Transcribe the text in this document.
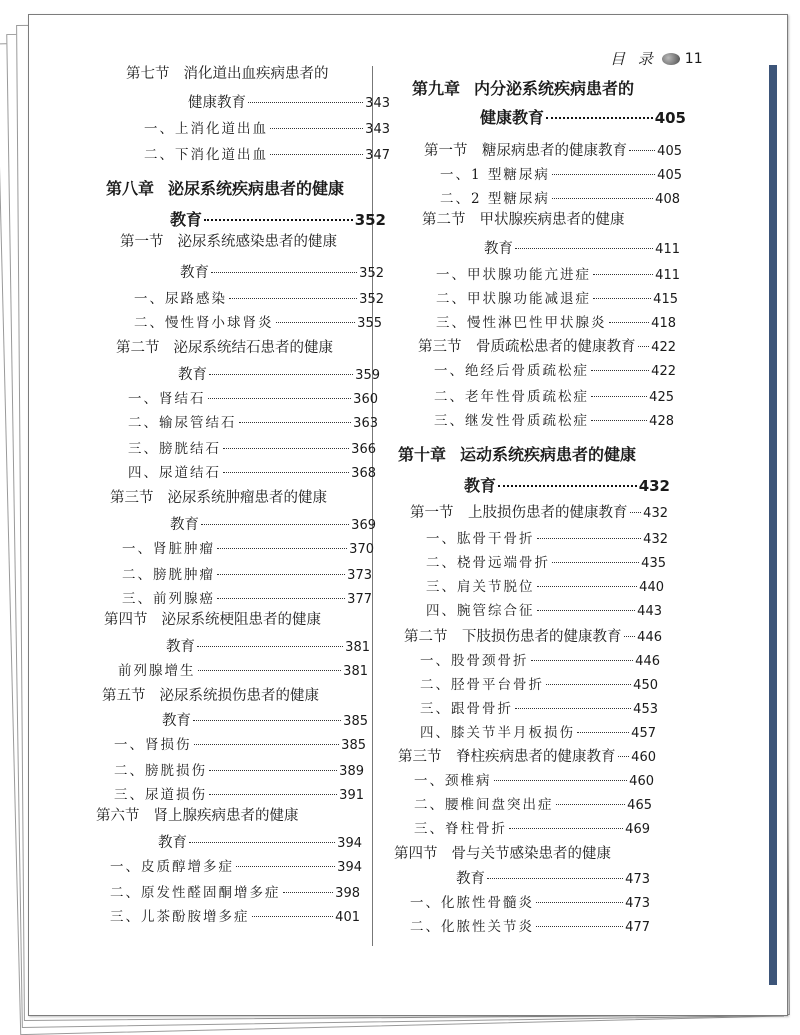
目 录 11
第七节 消化道出血疾病患者的
健康教育	343
一、上消化道出血	343
二、下消化道出血	347
第八章 泌尿系统疾病患者的健康
教育	352
第一节 泌尿系统感染患者的健康
教育	352
一、尿路感染	352
二、慢性肾小球肾炎	355
第二节 泌尿系统结石患者的健康
教育	359
一、肾结石	360
二、输尿管结石	363
三、膀胱结石	366
四、尿道结石	368
第三节 泌尿系统肿瘤患者的健康
教育	369
一、肾脏肿瘤	370
二、膀胱肿瘤	373
三、前列腺癌	377
第四节 泌尿系统梗阻患者的健康
教育	381
前列腺增生	381
第五节 泌尿系统损伤患者的健康
教育	385
一、肾损伤	385
二、膀胱损伤	389
三、尿道损伤	391
第六节 肾上腺疾病患者的健康
教育	394
一、皮质醇增多症	394
二、原发性醛固酮增多症	398
三、儿茶酚胺增多症	401
第九章 内分泌系统疾病患者的
健康教育	405
第一节　糖尿病患者的健康教育 405
一、1 型糖尿病	405
二、2 型糖尿病	408
第二节 甲状腺疾病患者的健康
教育	411
一、甲状腺功能亢进症	411
二、甲状腺功能减退症	415
三、慢性淋巴性甲状腺炎	418
第三节　骨质疏松患者的健康教育 422
一、绝经后骨质疏松症	422
二、老年性骨质疏松症	425
三、继发性骨质疏松症	428
第十章 运动系统疾病患者的健康
教育	432
第一节　上肢损伤患者的健康教育 432
一、肱骨干骨折	432
二、桡骨远端骨折	435
三、肩关节脱位	440
四、腕管综合征	443
第二节　下肢损伤患者的健康教育 446
一、股骨颈骨折	446
二、胫骨平台骨折	450
三、跟骨骨折	453
四、膝关节半月板损伤	457
第三节　脊柱疾病患者的健康教育 460
一、颈椎病	460
二、腰椎间盘突出症	465
三、脊柱骨折	469
第四节 骨与关节感染患者的健康
教育	473
一、化脓性骨髓炎	473
二、化脓性关节炎	477
